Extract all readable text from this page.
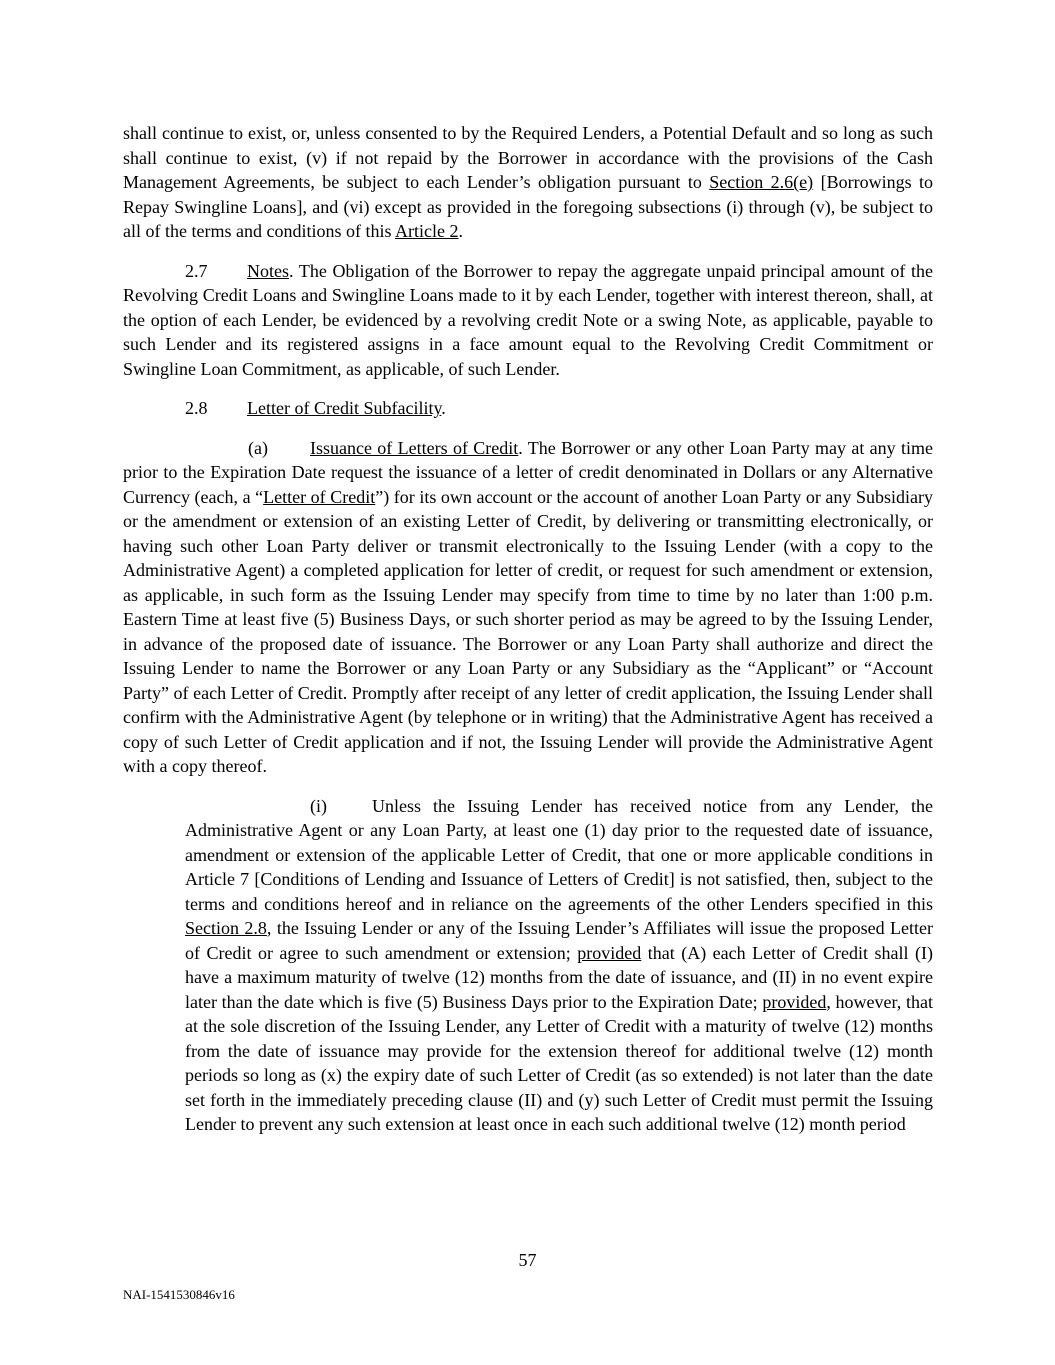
shall continue to exist, or, unless consented to by the Required Lenders, a Potential Default and so long as such shall continue to exist, (v) if not repaid by the Borrower in accordance with the provisions of the Cash Management Agreements, be subject to each Lender’s obligation pursuant to Section 2.6(e) [Borrowings to Repay Swingline Loans], and (vi) except as provided in the foregoing subsections (i) through (v), be subject to all of the terms and conditions of this Article 2.

2.7 Notes. The Obligation of the Borrower to repay the aggregate unpaid principal amount of the Revolving Credit Loans and Swingline Loans made to it by each Lender, together with interest thereon, shall, at the option of each Lender, be evidenced by a revolving credit Note or a swing Note, as applicable, payable to such Lender and its registered assigns in a face amount equal to the Revolving Credit Commitment or Swingline Loan Commitment, as applicable, of such Lender.

2.8 Letter of Credit Subfacility.

(a) Issuance of Letters of Credit. The Borrower or any other Loan Party may at any time prior to the Expiration Date request the issuance of a letter of credit denominated in Dollars or any Alternative Currency (each, a “Letter of Credit”) for its own account or the account of another Loan Party or any Subsidiary or the amendment or extension of an existing Letter of Credit, by delivering or transmitting electronically, or having such other Loan Party deliver or transmit electronically to the Issuing Lender (with a copy to the Administrative Agent) a completed application for letter of credit, or request for such amendment or extension, as applicable, in such form as the Issuing Lender may specify from time to time by no later than 1:00 p.m. Eastern Time at least five (5) Business Days, or such shorter period as may be agreed to by the Issuing Lender, in advance of the proposed date of issuance. The Borrower or any Loan Party shall authorize and direct the Issuing Lender to name the Borrower or any Loan Party or any Subsidiary as the “Applicant” or “Account Party” of each Letter of Credit. Promptly after receipt of any letter of credit application, the Issuing Lender shall confirm with the Administrative Agent (by telephone or in writing) that the Administrative Agent has received a copy of such Letter of Credit application and if not, the Issuing Lender will provide the Administrative Agent with a copy thereof.

(i)	Unless the Issuing Lender has received notice from any Lender, the Administrative Agent or any Loan Party, at least one (1) day prior to the requested date of issuance, amendment or extension of the applicable Letter of Credit, that one or more applicable conditions in Article 7 [Conditions of Lending and Issuance of Letters of Credit] is not satisfied, then, subject to the terms and conditions hereof and in reliance on the agreements of the other Lenders specified in this Section 2.8, the Issuing Lender or any of the Issuing Lender’s Affiliates will issue the proposed Letter of Credit or agree to such amendment or extension; provided that (A) each Letter of Credit shall (I) have a maximum maturity of twelve (12) months from the date of issuance, and (II) in no event expire later than the date which is five (5) Business Days prior to the Expiration Date; provided, however, that at the sole discretion of the Issuing Lender, any Letter of Credit with a maturity of twelve (12) months from the date of issuance may provide for the extension thereof for additional twelve (12) month periods so long as (x) the expiry date of such Letter of Credit (as so extended) is not later than the date set forth in the immediately preceding clause (II) and (y) such Letter of Credit must permit the Issuing Lender to prevent any such extension at least once in each such additional twelve (12) month period

57
NAI-1541530846v16
